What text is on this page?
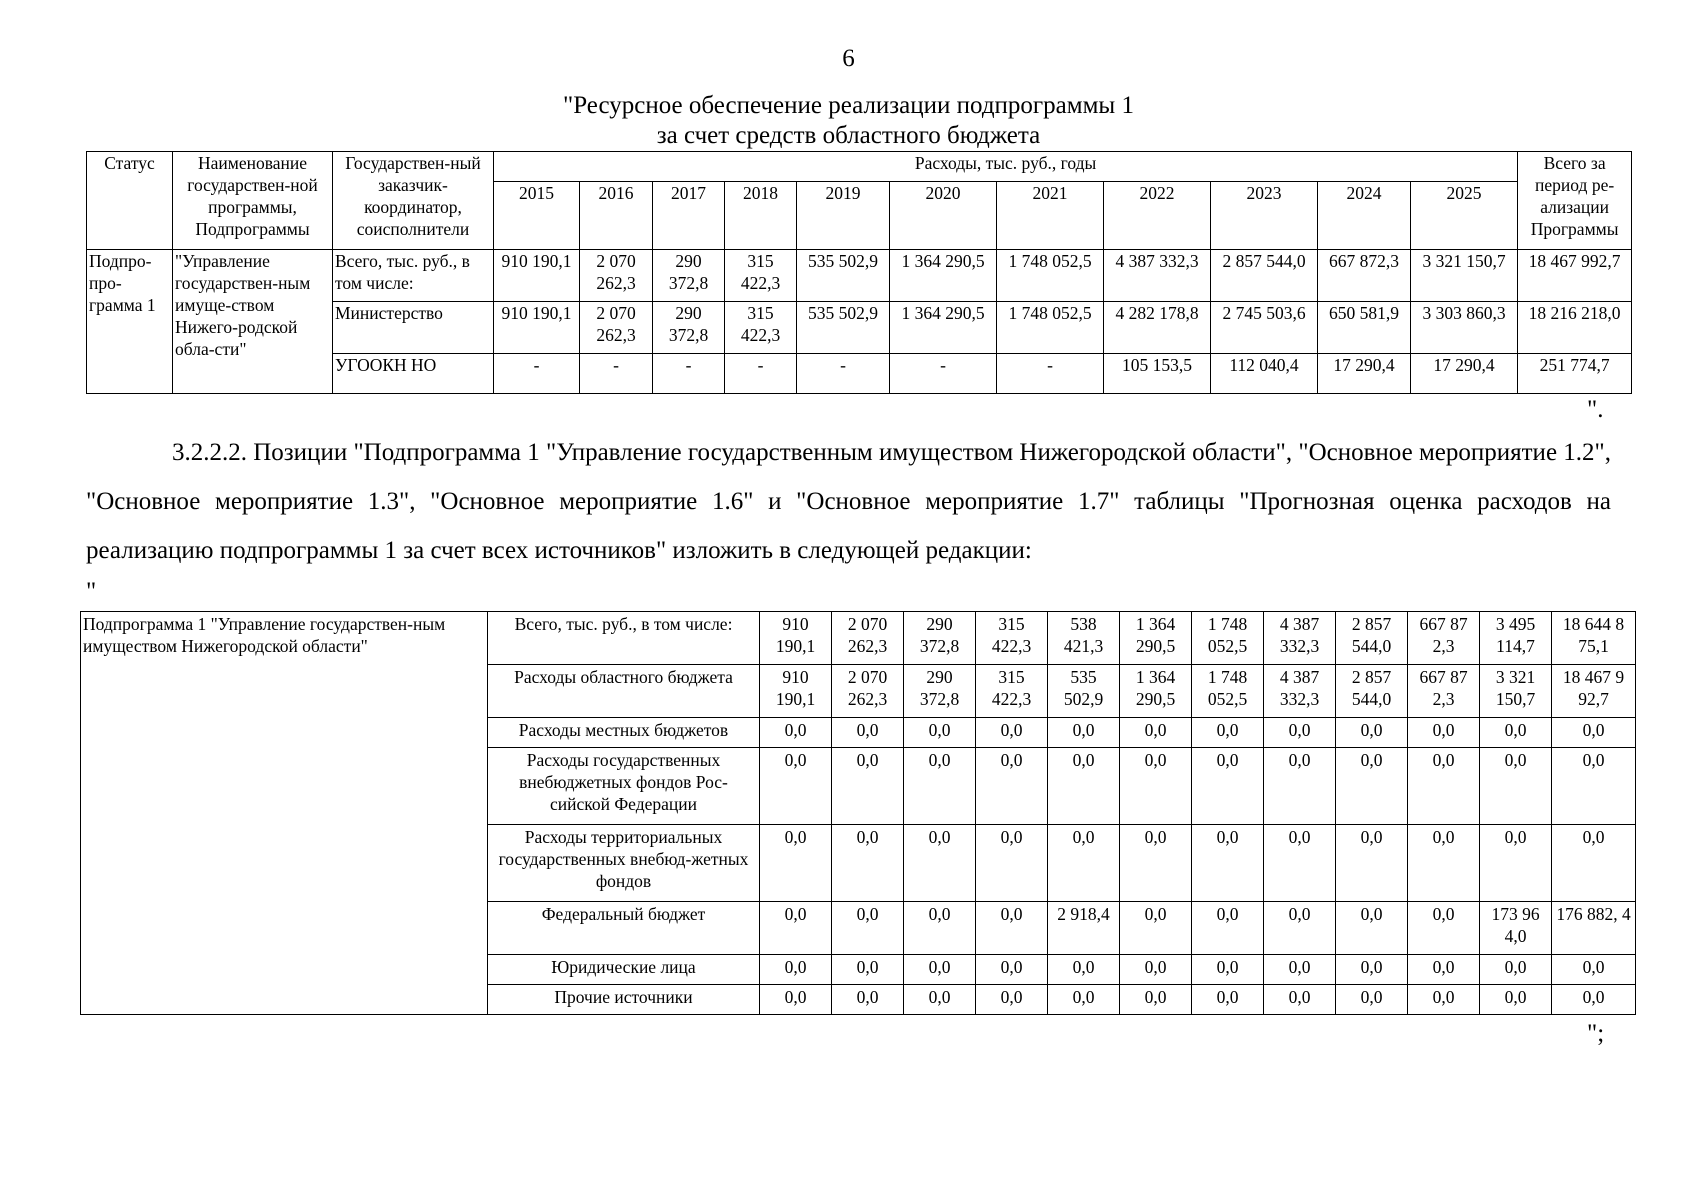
6
"Ресурсное обеспечение реализации подпрограммы 1
за счет средств областного бюджета
Статус	Наименование государствен-ной программы, Подпрограммы	Государствен-ный заказчик-координатор, соисполнители	Расходы, тыс. руб., годы											Всего за период ре-ализации Программы
			2015	2016	2017	2018	2019	2020	2021	2022	2023	2024	2025	
Подпро-про-грамма 1	"Управление государствен-ным имуще-ством Нижего-родской обла-сти"	Всего, тыс. руб., в том числе:	910 190,1	2 070 262,3	290 372,8	315 422,3	535 502,9	1 364 290,5	1 748 052,5	4 387 332,3	2 857 544,0	667 872,3	3 321 150,7	18 467 992,7
		Министерство	910 190,1	2 070 262,3	290 372,8	315 422,3	535 502,9	1 364 290,5	1 748 052,5	4 282 178,8	2 745 503,6	650 581,9	3 303 860,3	18 216 218,0
		УГООКН НО	-	-	-	-	-	-	-	105 153,5	112 040,4	17 290,4	17 290,4	251 774,7
".
3.2.2.2. Позиции "Подпрограмма 1 "Управление государственным имуществом Нижегородской области", "Основное мероприятие 1.2", "Основное мероприятие 1.3", "Основное мероприятие 1.6" и "Основное мероприятие 1.7" таблицы "Прогнозная оценка расходов на реализацию подпрограммы 1 за счет всех источников" изложить в следующей редакции:
"
Подпрограмма 1 "Управление государствен-ным имуществом Нижегородской области"	Всего, тыс. руб., в том числе:	910 190,1	2 070 262,3	290 372,8	315 422,3	538 421,3	1 364 290,5	1 748 052,5	4 387 332,3	2 857 544,0	667 87 2,3	3 495 114,7	18 644 8 75,1
	Расходы областного бюджета	910 190,1	2 070 262,3	290 372,8	315 422,3	535 502,9	1 364 290,5	1 748 052,5	4 387 332,3	2 857 544,0	667 87 2,3	3 321 150,7	18 467 9 92,7
	Расходы местных бюджетов	0,0	0,0	0,0	0,0	0,0	0,0	0,0	0,0	0,0	0,0	0,0	0,0
	Расходы государственных внебюджетных фондов Рос-сийской Федерации	0,0	0,0	0,0	0,0	0,0	0,0	0,0	0,0	0,0	0,0	0,0	0,0
	Расходы территориальных государственных внебюд-жетных фондов	0,0	0,0	0,0	0,0	0,0	0,0	0,0	0,0	0,0	0,0	0,0	0,0
	Федеральный бюджет	0,0	0,0	0,0	0,0	2 918,4	0,0	0,0	0,0	0,0	0,0	173 96 4,0	176 882, 4
	Юридические лица	0,0	0,0	0,0	0,0	0,0	0,0	0,0	0,0	0,0	0,0	0,0	0,0
	Прочие источники	0,0	0,0	0,0	0,0	0,0	0,0	0,0	0,0	0,0	0,0	0,0	0,0
";
